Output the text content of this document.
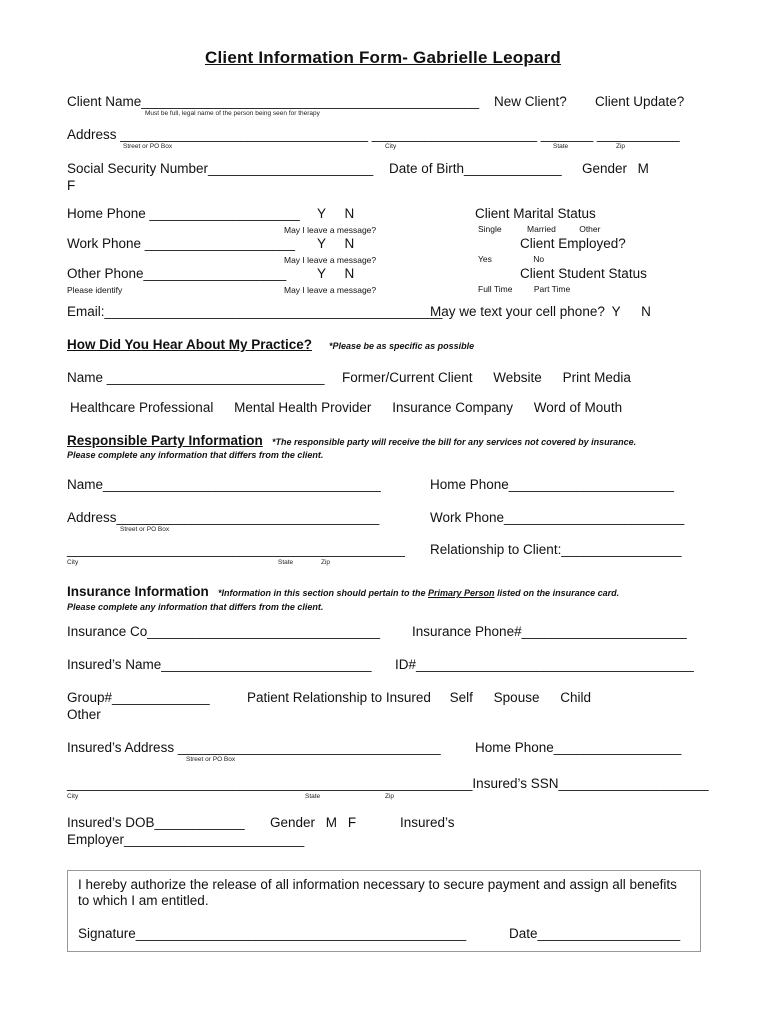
Client Information Form- Gabrielle Leopard
Client Name_____________________________________________
Must be full, legal name of the person being seen for therapy
New Client?	Client Update?
Address _________________________________ ______________________ _______ ___________
Street or PO Box	City	State	Zip
Social Security Number______________________ Date of Birth_____________ Gender M
F
Home Phone ____________________ Y N
May I leave a message?
Client Marital Status
Single	Married	Other
Work Phone ____________________ Y N
May I leave a message?
Client Employed?
Yes	No
Other Phone___________________ Y N
Please identify	May I leave a message?
Client Student Status
Full Time	Part Time
Email:_____________________________________________
May we text your cell phone? Y N
How Did You Hear About My Practice? *Please be as specific as possible
Name _____________________________ Former/Current Client Website Print Media
Healthcare Professional Mental Health Provider Insurance Company Word of Mouth
Responsible Party Information *The responsible party will receive the bill for any services not covered by insurance.
Please complete any information that differs from the client.
Name_____________________________________	Home Phone______________________
Address___________________________________
Street or PO Box
Work Phone________________________
_____________________________________________
City	State	Zip
Relationship to Client:________________
Insurance Information *Information in this section should pertain to the Primary Person listed on the insurance card.
Please complete any information that differs from the client.
Insurance Co_______________________________ Insurance Phone#______________________
Insured’s Name____________________________ ID#_____________________________________
Group#_____________	Patient Relationship to Insured Self Spouse Child
Other
Insured’s Address ___________________________________
Street or PO Box
Home Phone_________________
______________________________________________________Insured’s SSN____________________
City	State	Zip
Insured’s DOB____________ Gender M F	Insured’s
Employer________________________
I hereby authorize the release of all information necessary to secure payment and assign all benefits
to which I am entitled.
Signature____________________________________________	Date___________________
